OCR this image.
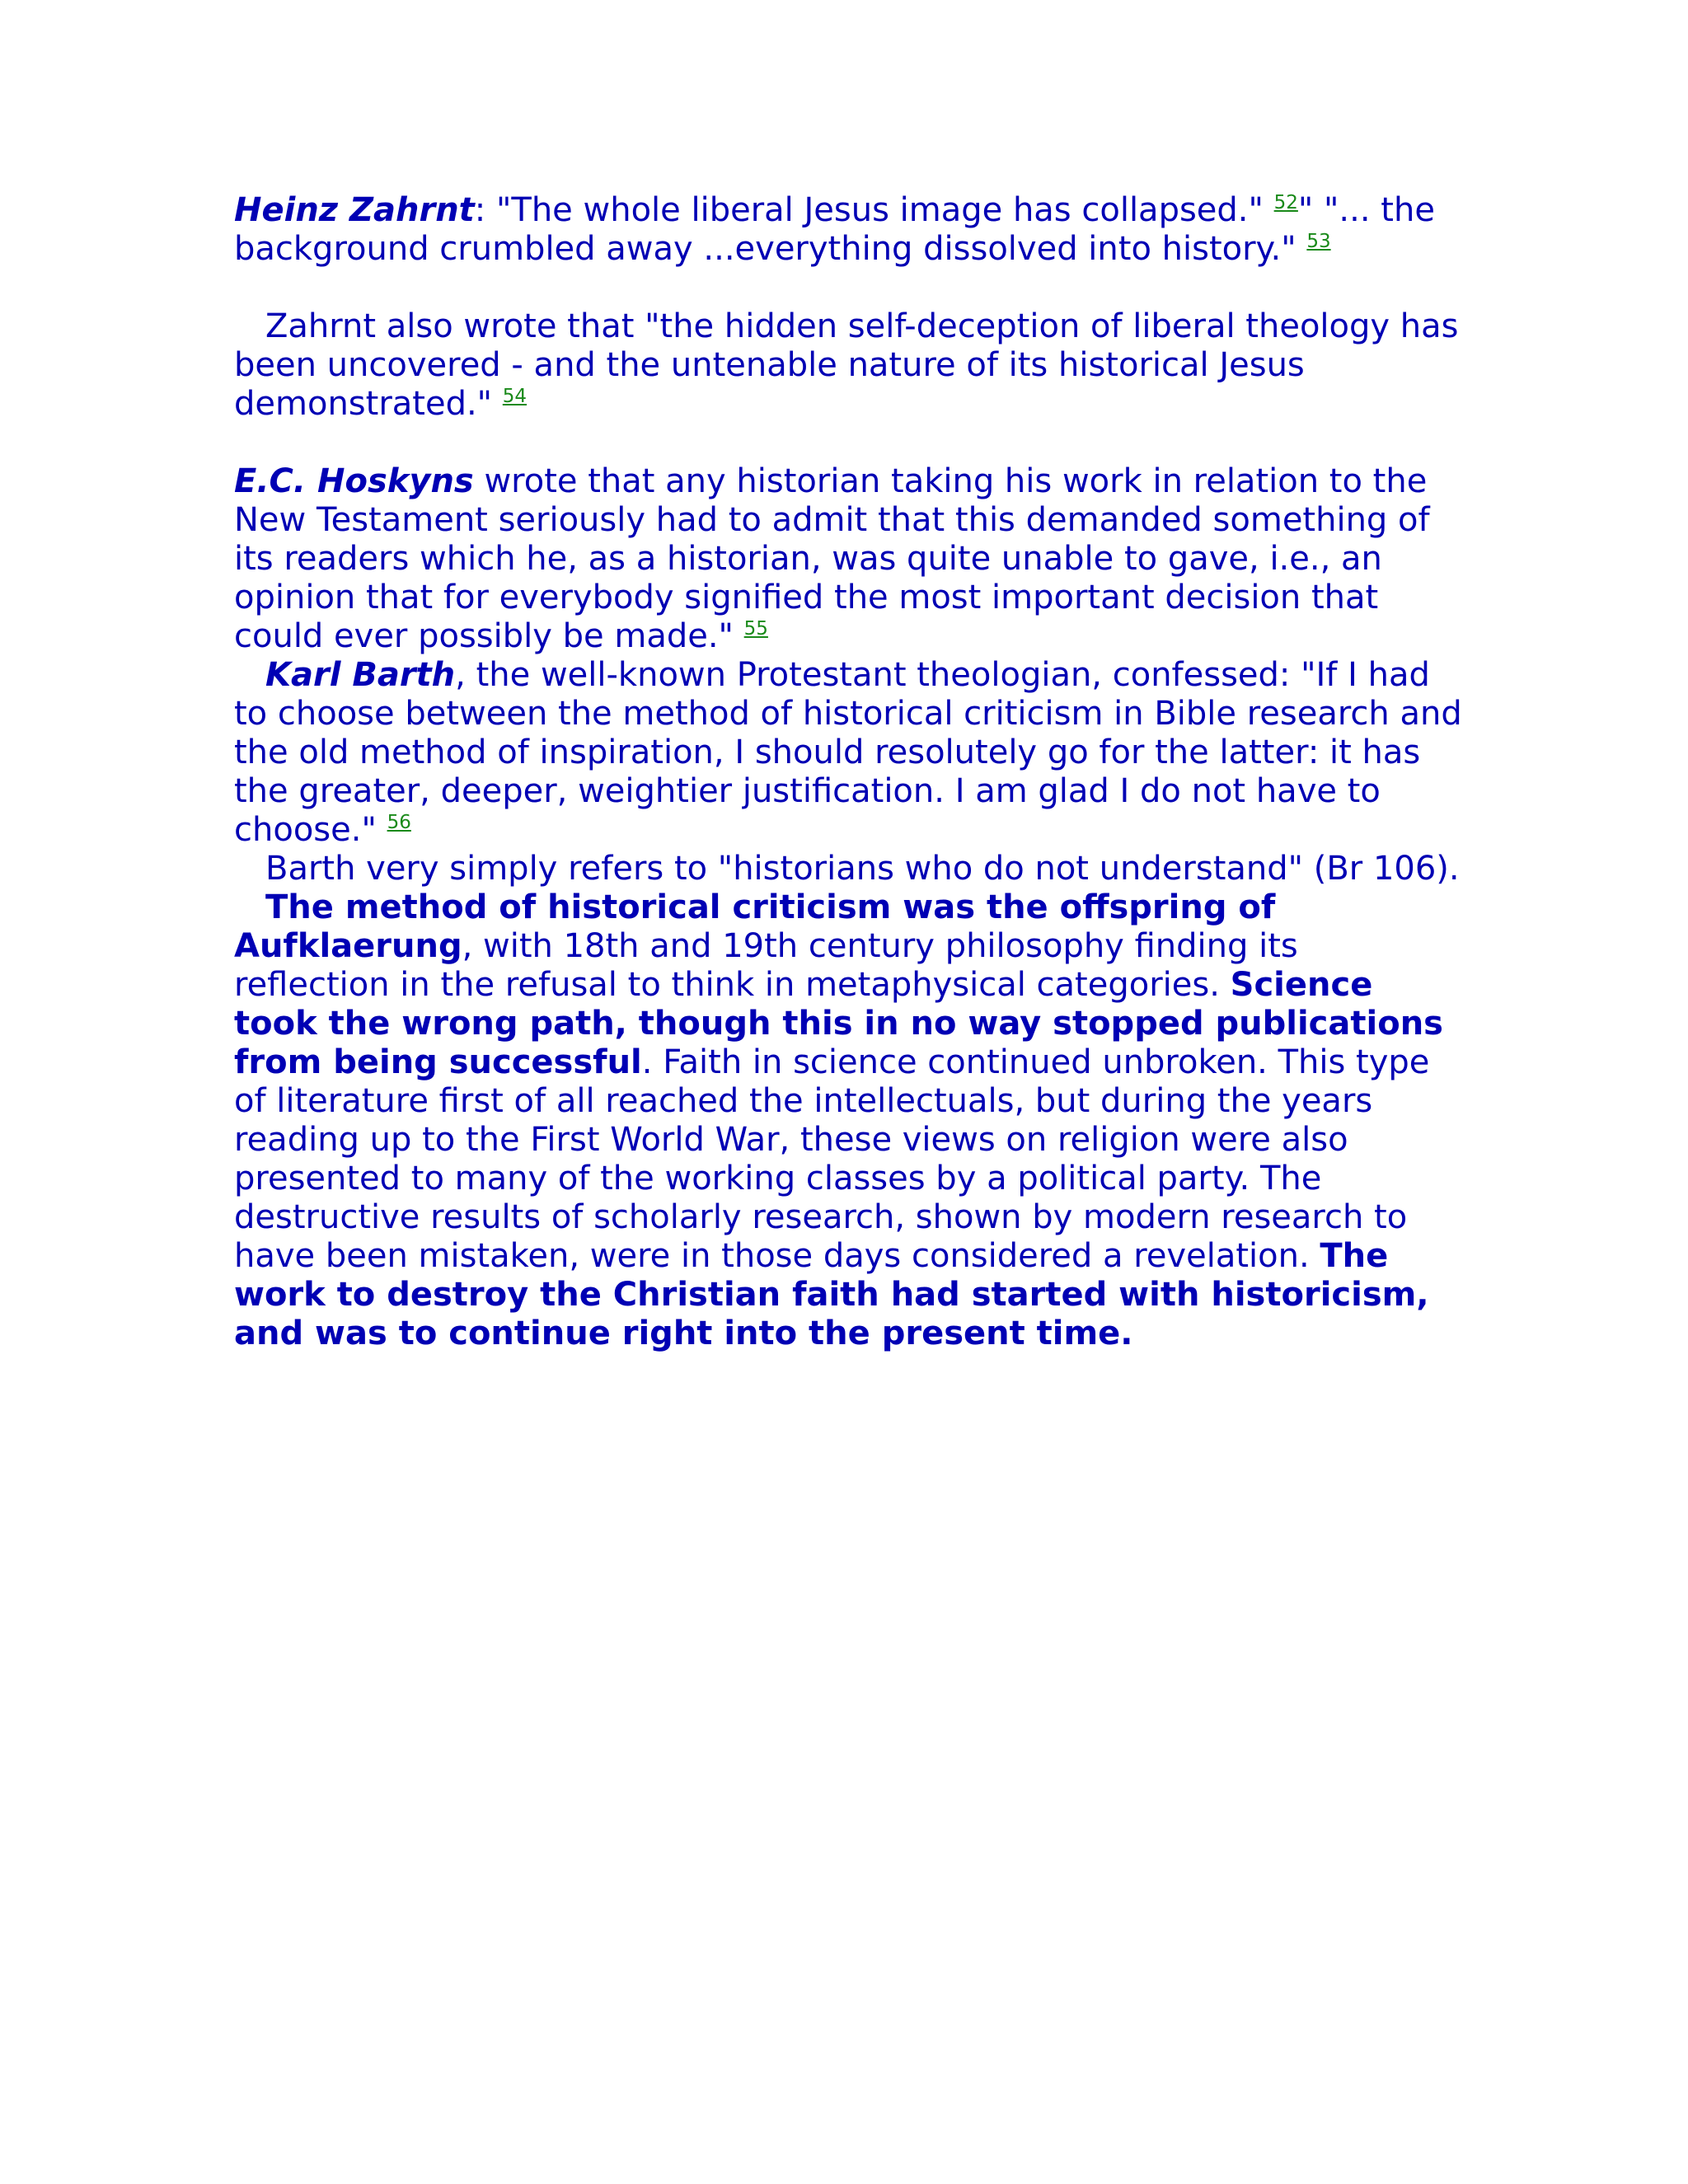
Heinz Zahrnt: "The whole liberal Jesus image has collapsed." $^{52}$" "... the background crumbled away ...everything dissolved into history." $^{53}$

Zahrnt also wrote that "the hidden self-deception of liberal theology has been uncovered - and the untenable nature of its historical Jesus demonstrated." $^{54}$

E.C. Hoskyns wrote that any historian taking his work in relation to the New Testament seriously had to admit that this demanded something of its readers which he, as a historian, was quite unable to gave, i.e., an opinion that for everybody signified the most important decision that could ever possibly be made." $^{55}$

Karl Barth, the well-known Protestant theologian, confessed: "If I had to choose between the method of historical criticism in Bible research and the old method of inspiration, I should resolutely go for the latter: it has the greater, deeper, weightier justification. I am glad I do not have to choose." $^{56}$

Barth very simply refers to "historians who do not understand" (Br 106).

The method of historical criticism was the offspring of Aufklaerung, with 18th and 19th century philosophy finding its reflection in the refusal to think in metaphysical categories. Science took the wrong path, though this in no way stopped publications from being successful. Faith in science continued unbroken. This type of literature first of all reached the intellectuals, but during the years reading up to the First World War, these views on religion were also presented to many of the working classes by a political party. The destructive results of scholarly research, shown by modern research to have been mistaken, were in those days considered a revelation. The work to destroy the Christian faith had started with historicism, and was to continue right into the present time.
